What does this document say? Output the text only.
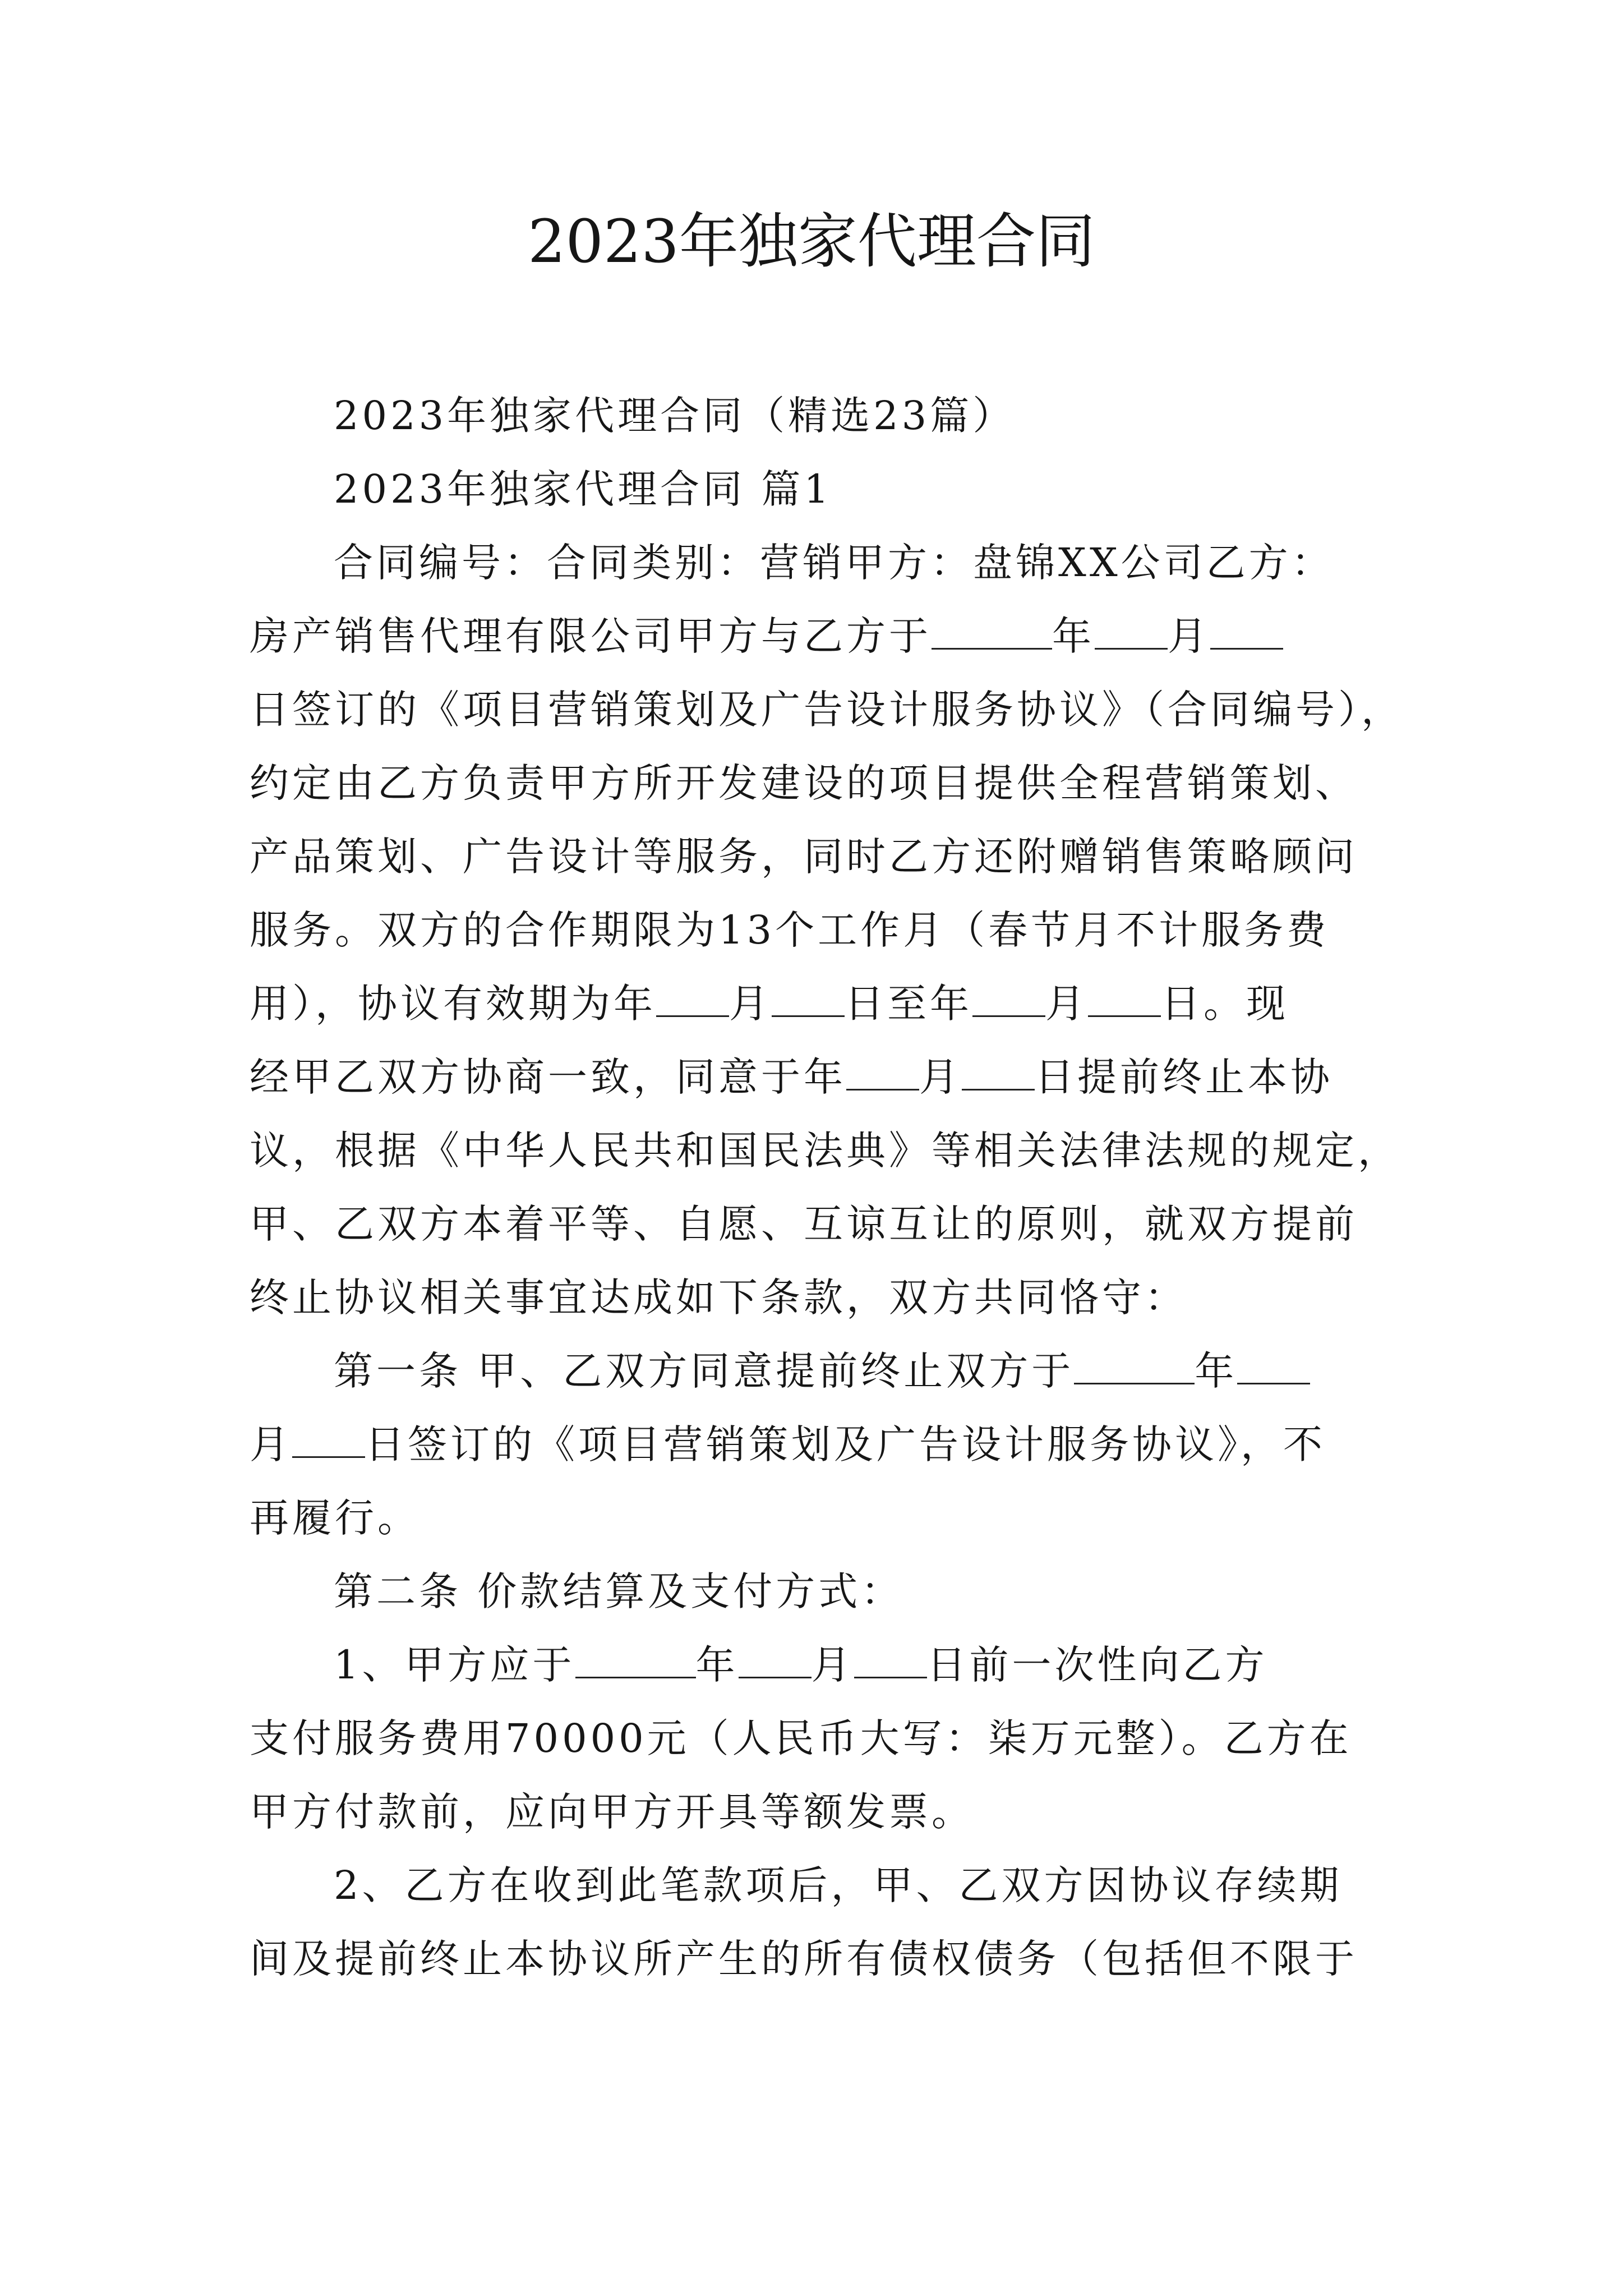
2023年独家代理合同
2023年独家代理合同（精选23篇）
2023年独家代理合同 篇1
合同编号：合同类别：营销甲方：盘锦XX公司乙方：
房产销售代理有限公司甲方与乙方于	年 月
日签订的《项目营销策划及广告设计服务协议》（合同编号），
约定由乙方负责甲方所开发建设的项目提供全程营销策划、
产品策划、广告设计等服务，同时乙方还附赠销售策略顾问
服务。双方的合作期限为13个工作月（春节月不计服务费
用），协议有效期为年 月 日至年 月 日。现
经甲乙双方协商一致，同意于年 月 日提前终止本协
议，根据《中华人民共和国民法典》等相关法律法规的规定，
甲、乙双方本着平等、自愿、互谅互让的原则，就双方提前
终止协议相关事宜达成如下条款，双方共同恪守：
第一条 甲、乙双方同意提前终止双方于	年
月 日签订的《项目营销策划及广告设计服务协议》，不
再履行。
第二条 价款结算及支付方式：
1、甲方应于	年 月 日前一次性向乙方
支付服务费用70000元（人民币大写：柒万元整）。乙方在
甲方付款前，应向甲方开具等额发票。
2、乙方在收到此笔款项后，甲、乙双方因协议存续期
间及提前终止本协议所产生的所有债权债务（包括但不限于
